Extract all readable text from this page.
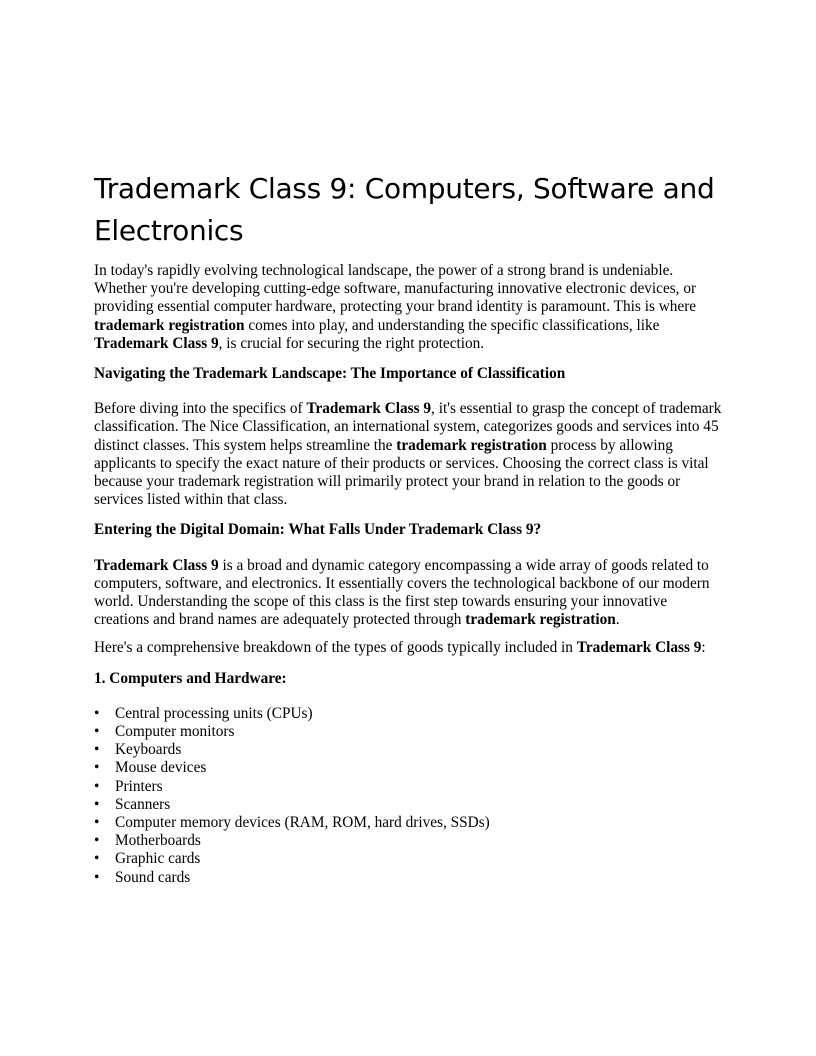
Trademark Class 9: Computers, Software and Electronics

In today's rapidly evolving technological landscape, the power of a strong brand is undeniable. Whether you're developing cutting-edge software, manufacturing innovative electronic devices, or providing essential computer hardware, protecting your brand identity is paramount. This is where trademark registration comes into play, and understanding the specific classifications, like Trademark Class 9, is crucial for securing the right protection.

Navigating the Trademark Landscape: The Importance of Classification

Before diving into the specifics of Trademark Class 9, it's essential to grasp the concept of trademark classification. The Nice Classification, an international system, categorizes goods and services into 45 distinct classes. This system helps streamline the trademark registration process by allowing applicants to specify the exact nature of their products or services. Choosing the correct class is vital because your trademark registration will primarily protect your brand in relation to the goods or services listed within that class.

Entering the Digital Domain: What Falls Under Trademark Class 9?

Trademark Class 9 is a broad and dynamic category encompassing a wide array of goods related to computers, software, and electronics. It essentially covers the technological backbone of our modern world. Understanding the scope of this class is the first step towards ensuring your innovative creations and brand names are adequately protected through trademark registration.

Here's a comprehensive breakdown of the types of goods typically included in Trademark Class 9:

1. Computers and Hardware:

• Central processing units (CPUs)
• Computer monitors
• Keyboards
• Mouse devices
• Printers
• Scanners
• Computer memory devices (RAM, ROM, hard drives, SSDs)
• Motherboards
• Graphic cards
• Sound cards
